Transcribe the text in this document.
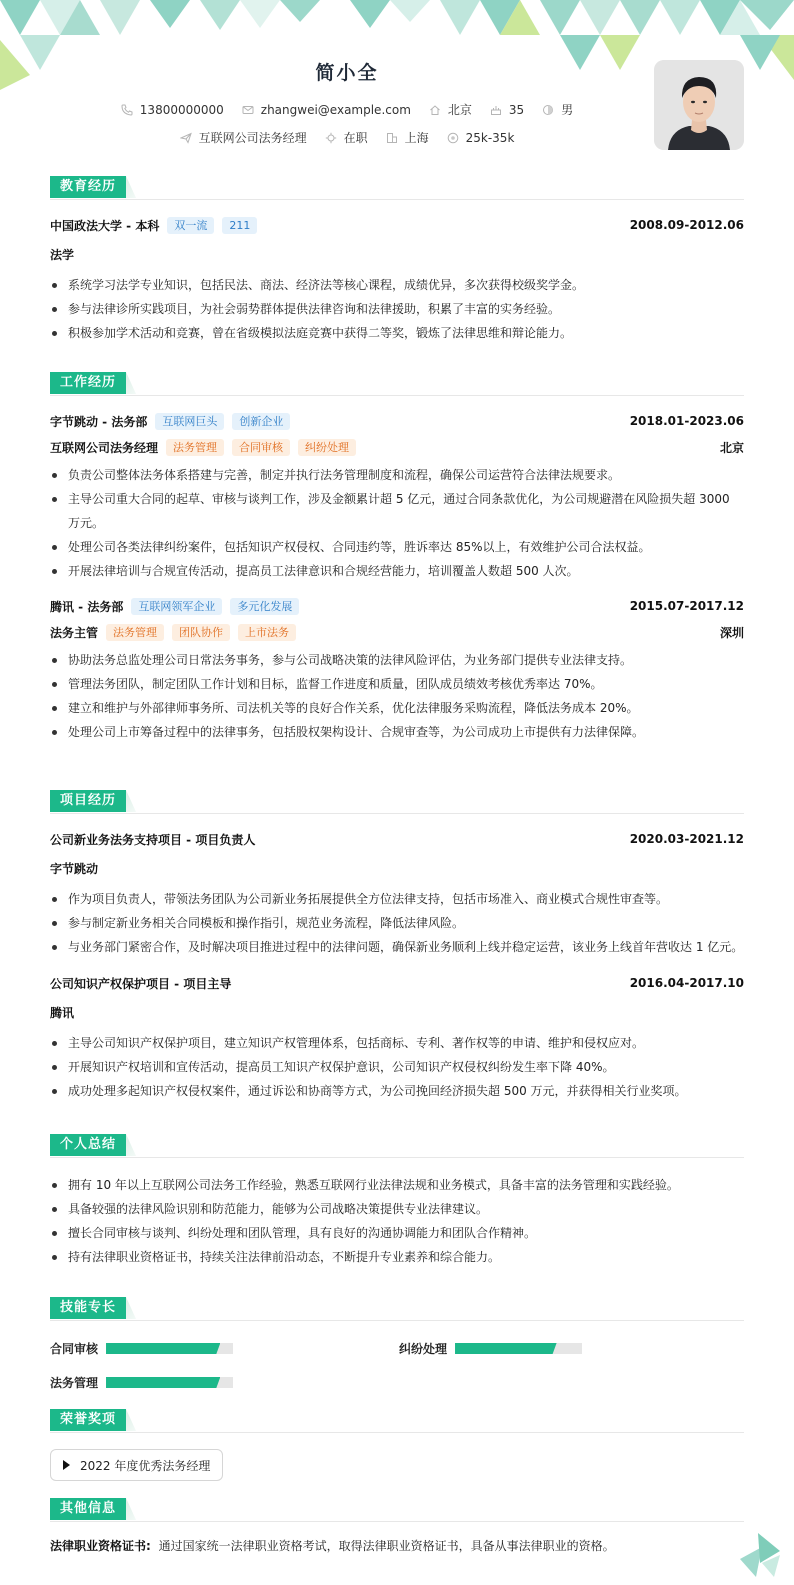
简小全
13800000000	zhangwei@example.com	北京	35	男
互联网公司法务经理	在职	上海	25k-35k
教育经历
中国政法大学 - 本科	双一流	211	2008.09-2012.06
法学
系统学习法学专业知识，包括民法、商法、经济法等核心课程，成绩优异，多次获得校级奖学金。
参与法律诊所实践项目，为社会弱势群体提供法律咨询和法律援助，积累了丰富的实务经验。
积极参加学术活动和竞赛，曾在省级模拟法庭竞赛中获得二等奖，锻炼了法律思维和辩论能力。
工作经历
字节跳动 - 法务部	互联网巨头	创新企业	2018.01-2023.06
互联网公司法务经理	法务管理	合同审核	纠纷处理	北京
负责公司整体法务体系搭建与完善，制定并执行法务管理制度和流程，确保公司运营符合法律法规要求。
主导公司重大合同的起草、审核与谈判工作，涉及金额累计超 5 亿元，通过合同条款优化，为公司规避潜在风险损失超 3000 万元。
处理公司各类法律纠纷案件，包括知识产权侵权、合同违约等，胜诉率达 85%以上，有效维护公司合法权益。
开展法律培训与合规宣传活动，提高员工法律意识和合规经营能力，培训覆盖人数超 500 人次。
腾讯 - 法务部	互联网领军企业	多元化发展	2015.07-2017.12
法务主管	法务管理	团队协作	上市法务	深圳
协助法务总监处理公司日常法务事务，参与公司战略决策的法律风险评估，为业务部门提供专业法律支持。
管理法务团队，制定团队工作计划和目标，监督工作进度和质量，团队成员绩效考核优秀率达 70%。
建立和维护与外部律师事务所、司法机关等的良好合作关系，优化法律服务采购流程，降低法务成本 20%。
处理公司上市筹备过程中的法律事务，包括股权架构设计、合规审查等，为公司成功上市提供有力法律保障。
项目经历
公司新业务法务支持项目 - 项目负责人	2020.03-2021.12
字节跳动
作为项目负责人，带领法务团队为公司新业务拓展提供全方位法律支持，包括市场准入、商业模式合规性审查等。
参与制定新业务相关合同模板和操作指引，规范业务流程，降低法律风险。
与业务部门紧密合作，及时解决项目推进过程中的法律问题，确保新业务顺利上线并稳定运营，该业务上线首年营收达 1 亿元。
公司知识产权保护项目 - 项目主导	2016.04-2017.10
腾讯
主导公司知识产权保护项目，建立知识产权管理体系，包括商标、专利、著作权等的申请、维护和侵权应对。
开展知识产权培训和宣传活动，提高员工知识产权保护意识，公司知识产权侵权纠纷发生率下降 40%。
成功处理多起知识产权侵权案件，通过诉讼和协商等方式，为公司挽回经济损失超 500 万元，并获得相关行业奖项。
个人总结
拥有 10 年以上互联网公司法务工作经验，熟悉互联网行业法律法规和业务模式，具备丰富的法务管理和实践经验。
具备较强的法律风险识别和防范能力，能够为公司战略决策提供专业法律建议。
擅长合同审核与谈判、纠纷处理和团队管理，具有良好的沟通协调能力和团队合作精神。
持有法律职业资格证书，持续关注法律前沿动态，不断提升专业素养和综合能力。
技能专长
合同审核	纠纷处理
法务管理
荣誉奖项
2022 年度优秀法务经理
其他信息
法律职业资格证书: 通过国家统一法律职业资格考试，取得法律职业资格证书，具备从事法律职业的资格。
